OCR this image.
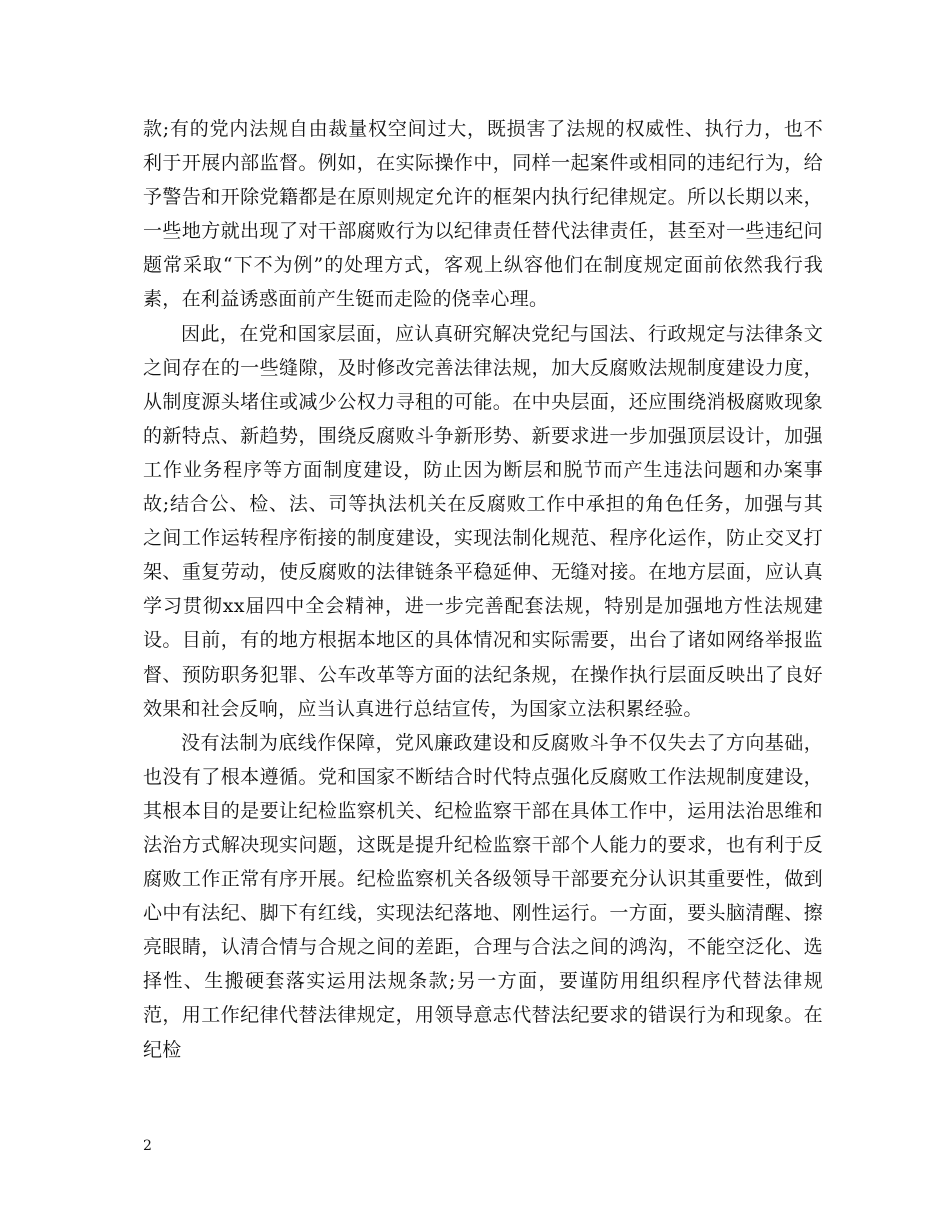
款;有的党内法规自由裁量权空间过大，既损害了法规的权威性、执行力，也不利于开展内部监督。例如，在实际操作中，同样一起案件或相同的违纪行为，给予警告和开除党籍都是在原则规定允许的框架内执行纪律规定。所以长期以来，一些地方就出现了对干部腐败行为以纪律责任替代法律责任，甚至对一些违纪问题常采取“下不为例”的处理方式，客观上纵容他们在制度规定面前依然我行我素，在利益诱惑面前产生铤而走险的侥幸心理。

因此，在党和国家层面，应认真研究解决党纪与国法、行政规定与法律条文之间存在的一些缝隙，及时修改完善法律法规，加大反腐败法规制度建设力度，从制度源头堵住或减少公权力寻租的可能。在中央层面，还应围绕消极腐败现象的新特点、新趋势，围绕反腐败斗争新形势、新要求进一步加强顶层设计，加强工作业务程序等方面制度建设，防止因为断层和脱节而产生违法问题和办案事故;结合公、检、法、司等执法机关在反腐败工作中承担的角色任务，加强与其之间工作运转程序衔接的制度建设，实现法制化规范、程序化运作，防止交叉打架、重复劳动，使反腐败的法律链条平稳延伸、无缝对接。在地方层面，应认真学习贯彻xx届四中全会精神，进一步完善配套法规，特别是加强地方性法规建设。目前，有的地方根据本地区的具体情况和实际需要，出台了诸如网络举报监督、预防职务犯罪、公车改革等方面的法纪条规，在操作执行层面反映出了良好效果和社会反响，应当认真进行总结宣传，为国家立法积累经验。

没有法制为底线作保障，党风廉政建设和反腐败斗争不仅失去了方向基础，也没有了根本遵循。党和国家不断结合时代特点强化反腐败工作法规制度建设，其根本目的是要让纪检监察机关、纪检监察干部在具体工作中，运用法治思维和法治方式解决现实问题，这既是提升纪检监察干部个人能力的要求，也有利于反腐败工作正常有序开展。纪检监察机关各级领导干部要充分认识其重要性，做到心中有法纪、脚下有红线，实现法纪落地、刚性运行。一方面，要头脑清醒、擦亮眼睛，认清合情与合规之间的差距，合理与合法之间的鸿沟，不能空泛化、选择性、生搬硬套落实运用法规条款;另一方面，要谨防用组织程序代替法律规范，用工作纪律代替法律规定，用领导意志代替法纪要求的错误行为和现象。在纪检

2
